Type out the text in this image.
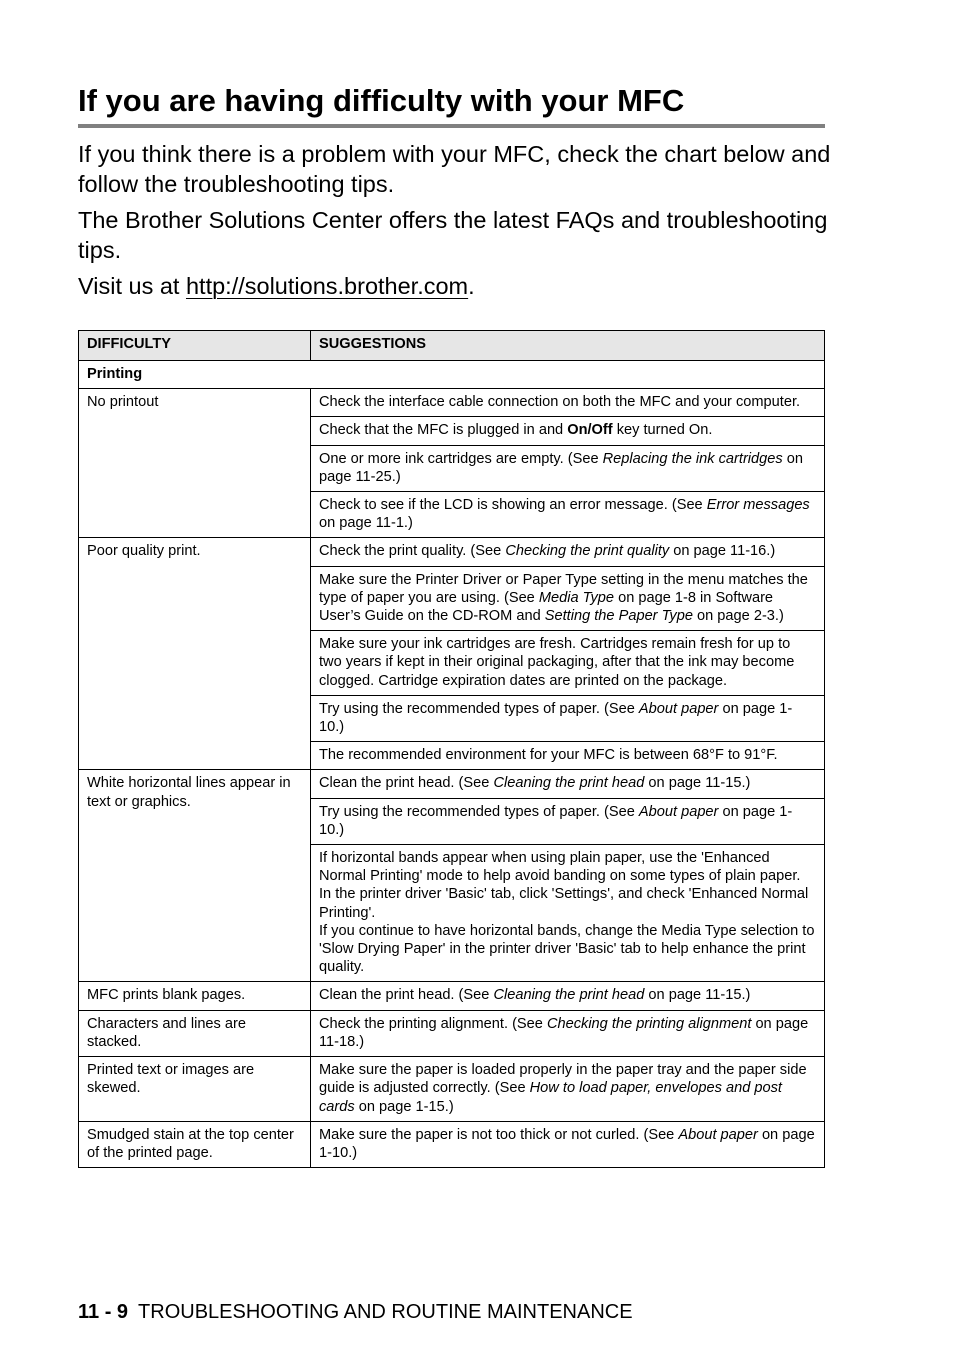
If you are having difficulty with your MFC

If you think there is a problem with your MFC, check the chart below and follow the troubleshooting tips.

The Brother Solutions Center offers the latest FAQs and troubleshooting tips.

Visit us at http://solutions.brother.com.

DIFFICULTY	SUGGESTIONS
Printing	
No printout	Check the interface cable connection on both the MFC and your computer.
	Check that the MFC is plugged in and On/Off key turned On.
	One or more ink cartridges are empty. (See Replacing the ink cartridges on page 11-25.)
	Check to see if the LCD is showing an error message. (See Error messages on page 11-1.)
Poor quality print.	Check the print quality. (See Checking the print quality on page 11-16.)
	Make sure the Printer Driver or Paper Type setting in the menu matches the type of paper you are using. (See Media Type on page 1-8 in Software User’s Guide on the CD-ROM and Setting the Paper Type on page 2-3.)
	Make sure your ink cartridges are fresh. Cartridges remain fresh for up to two years if kept in their original packaging, after that the ink may become clogged. Cartridge expiration dates are printed on the package.
	Try using the recommended types of paper. (See About paper on page 1-10.)
	The recommended environment for your MFC is between 68°F to 91°F.
White horizontal lines appear in text or graphics.	Clean the print head. (See Cleaning the print head on page 11-15.)
	Try using the recommended types of paper. (See About paper on page 1-10.)

	If horizontal bands appear when using plain paper, use the 'Enhanced Normal Printing' mode to help avoid banding on some types of plain paper. In the printer driver 'Basic' tab, click 'Settings', and check 'Enhanced Normal Printing'.
If you continue to have horizontal bands, change the Media Type selection to 'Slow Drying Paper' in the printer driver 'Basic' tab to help enhance the print quality.

MFC prints blank pages.	Clean the print head. (See Cleaning the print head on page 11-15.)
Characters and lines are stacked.	Check the printing alignment. (See Checking the printing alignment on page 11-18.)
Printed text or images are skewed.	Make sure the paper is loaded properly in the paper tray and the paper side guide is adjusted correctly. (See How to load paper, envelopes and post cards on page 1-15.)
Smudged stain at the top center of the printed page.	Make sure the paper is not too thick or not curled. (See About paper on page 1-10.)
11 - 9 TROUBLESHOOTING AND ROUTINE MAINTENANCE
